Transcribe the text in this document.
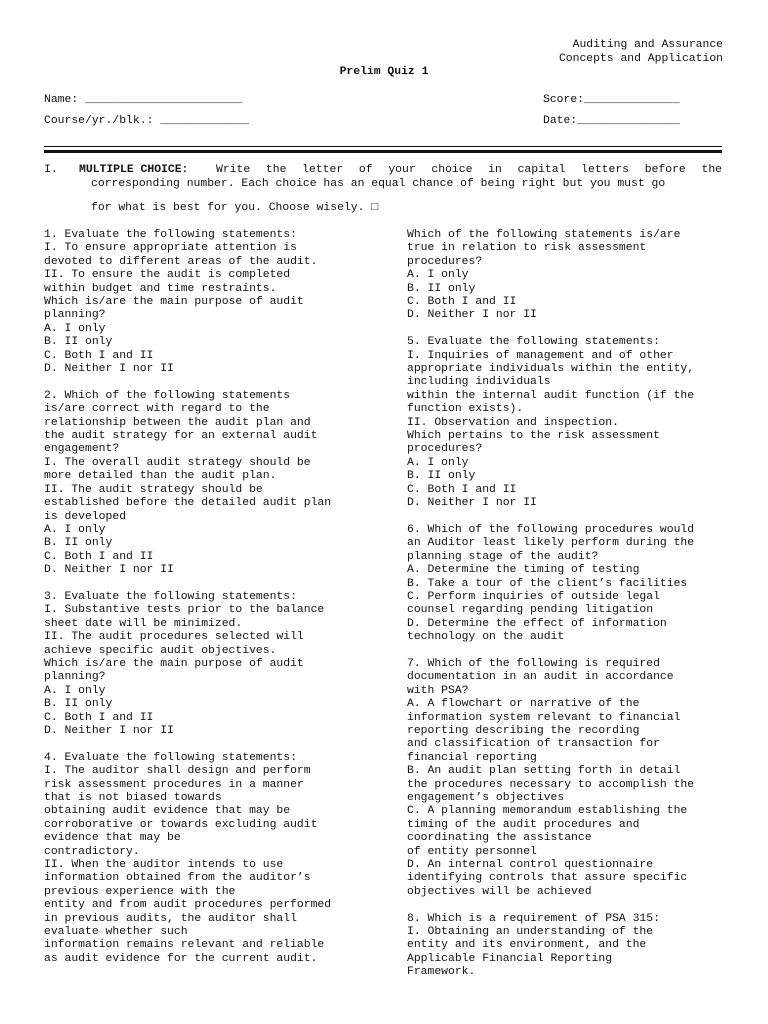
Auditing and Assurance
Concepts and Application
Prelim Quiz 1
Name: _______________________	Score:______________
Course/yr./blk.: _____________	Date:_______________
I. MULTIPLE CHOICE: Write the letter of your choice in capital letters before the
corresponding number. Each choice has an equal chance of being right but you must go
for what is best for you. Choose wisely. □

1. Evaluate the following statements:
I. To ensure appropriate attention is
devoted to different areas of the audit.
II. To ensure the audit is completed
within budget and time restraints.
Which is/are the main purpose of audit
planning?
A. I only
B. II only
C. Both I and II
D. Neither I nor II

2. Which of the following statements
is/are correct with regard to the
relationship between the audit plan and
the audit strategy for an external audit
engagement?
I. The overall audit strategy should be
more detailed than the audit plan.
II. The audit strategy should be
established before the detailed audit plan
is developed
A. I only
B. II only
C. Both I and II
D. Neither I nor II

3. Evaluate the following statements:
I. Substantive tests prior to the balance
sheet date will be minimized.
II. The audit procedures selected will
achieve specific audit objectives.
Which is/are the main purpose of audit
planning?
A. I only
B. II only
C. Both I and II
D. Neither I nor II

4. Evaluate the following statements:
I. The auditor shall design and perform
risk assessment procedures in a manner
that is not biased towards
obtaining audit evidence that may be
corroborative or towards excluding audit
evidence that may be
contradictory.
II. When the auditor intends to use
information obtained from the auditor’s
previous experience with the
entity and from audit procedures performed
in previous audits, the auditor shall
evaluate whether such
information remains relevant and reliable
as audit evidence for the current audit.

Which of the following statements is/are
true in relation to risk assessment
procedures?
A. I only
B. II only
C. Both I and II
D. Neither I nor II

5. Evaluate the following statements:
I. Inquiries of management and of other
appropriate individuals within the entity,
including individuals
within the internal audit function (if the
function exists).
II. Observation and inspection.
Which pertains to the risk assessment
procedures?
A. I only
B. II only
C. Both I and II
D. Neither I nor II

6. Which of the following procedures would
an Auditor least likely perform during the
planning stage of the audit?
A. Determine the timing of testing
B. Take a tour of the client’s facilities
C. Perform inquiries of outside legal
counsel regarding pending litigation
D. Determine the effect of information
technology on the audit

7. Which of the following is required
documentation in an audit in accordance
with PSA?
A. A flowchart or narrative of the
information system relevant to financial
reporting describing the recording
and classification of transaction for
financial reporting
B. An audit plan setting forth in detail
the procedures necessary to accomplish the
engagement’s objectives
C. A planning memorandum establishing the
timing of the audit procedures and
coordinating the assistance
of entity personnel
D. An internal control questionnaire
identifying controls that assure specific
objectives will be achieved

8. Which is a requirement of PSA 315:
I. Obtaining an understanding of the
entity and its environment, and the
Applicable Financial Reporting
Framework.
